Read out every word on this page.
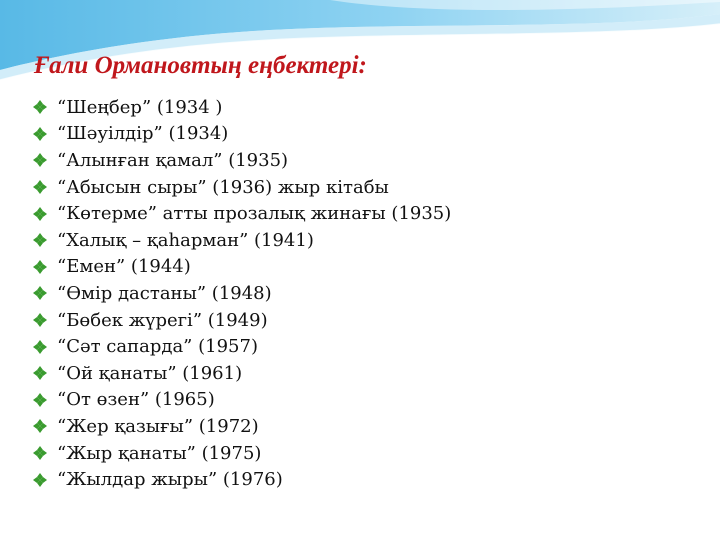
Ғали Ормановтың еңбектері:
“Шеңбер” (1934 )
“Шәуілдір” (1934)
“Алынған қамал” (1935)
“Абысын сыры” (1936) жыр кітабы
“Көтерме” атты прозалық жинағы (1935)
“Халық – қаһарман” (1941)
“Емен” (1944)
“Өмір дастаны” (1948)
“Бөбек жүрегі” (1949)
“Сәт сапарда” (1957)
“Ой қанаты” (1961)
“От өзен” (1965)
“Жер қазығы” (1972)
“Жыр қанаты” (1975)
“Жылдар жыры” (1976)
